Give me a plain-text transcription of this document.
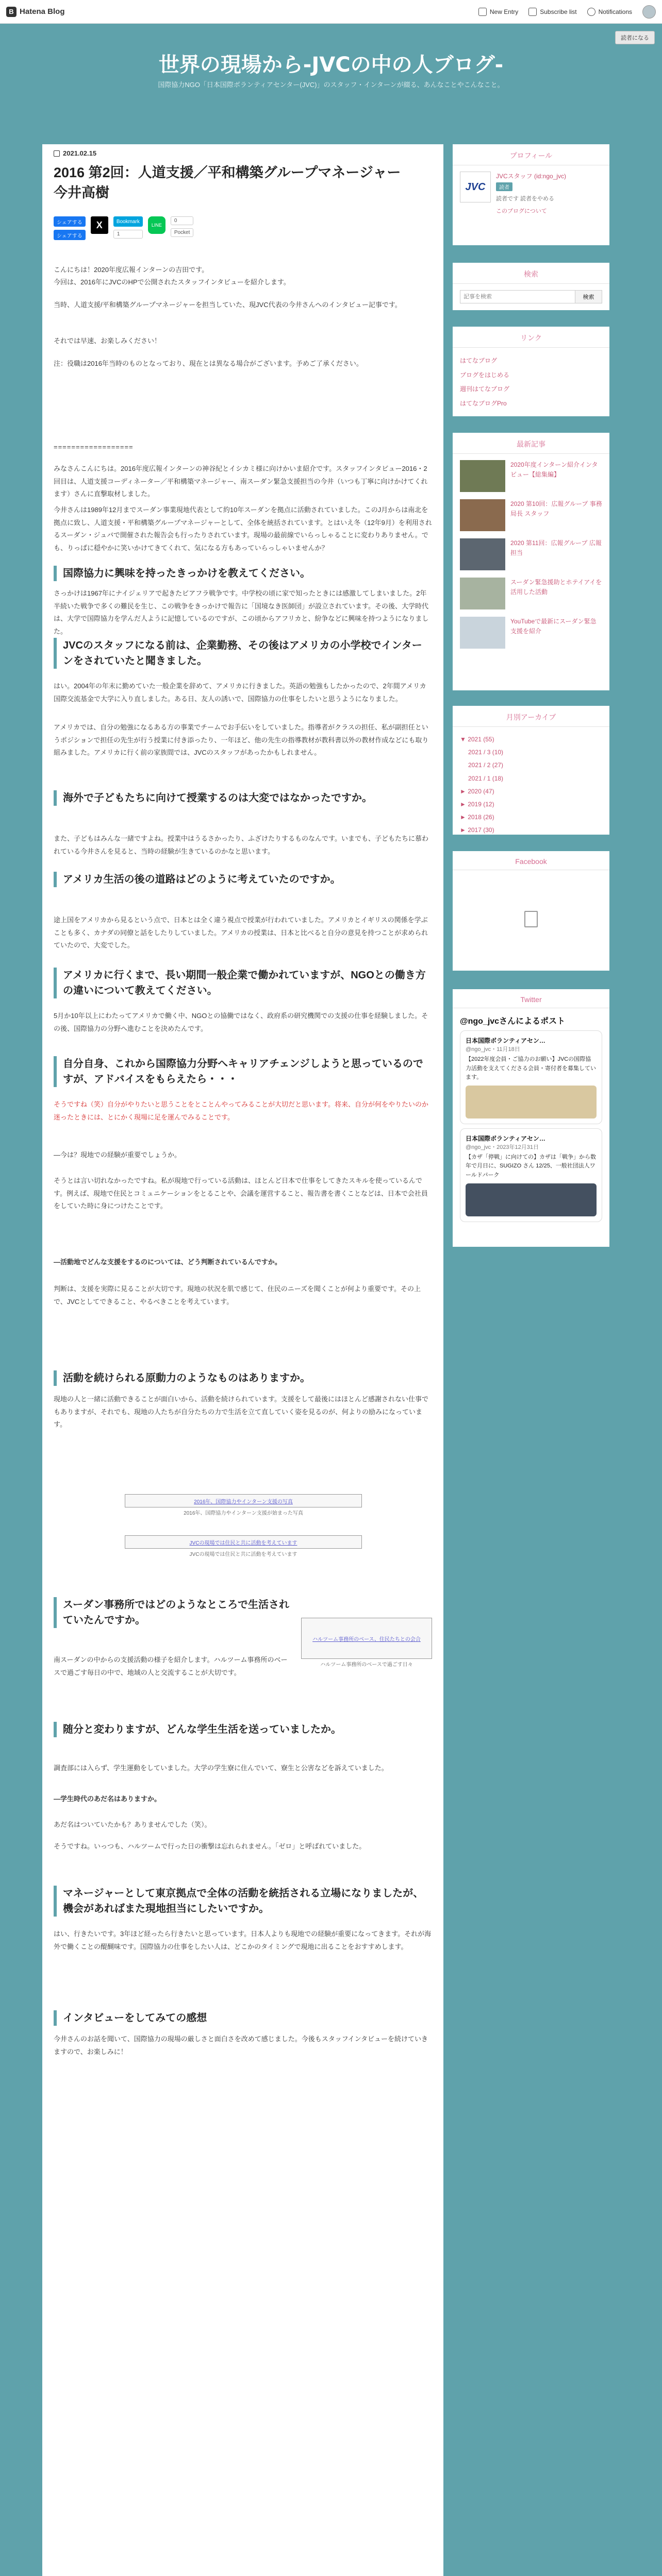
B Hatena Blog	New Entry	Subscribe list	Notifications
読者になる
世界の現場から-JVCの中の人ブログ-
国際協力NGO「日本国際ボランティアセンター(JVC)」のスタッフ・インターンが綴る、あんなことやこんなこと。
2021.02.15
2016 第2回：人道支援／平和構築グループマネージャー　今井高樹
シェアする
シェアする
X	Bookmark
1
LINE
0
Pocket
こんにちは！2020年度広報インターンの吉田です。
今回は、2016年にJVCのHPで公開されたスタッフインタビューを紹介します。
当時、人道支援/平和構築グループマネージャーを担当していた、現JVC代表の今井さんへのインタビュー記事です。
それでは早速、お楽しみください！
注：役職は2016年当時のものとなっており、現在とは異なる場合がございます。予めご了承ください。
==================
みなさんこんにちは。2016年度広報インターンの神谷紀とイシカミ様に向けかいま紹介です。スタッフインタビュー2016・2回目は、人道支援コーディネーター／平和構築マネージャー、南スーダン緊急支援担当の今井（いつも丁寧に向けかけてくれます）さんに直撃取材しました。
今井さんは1989年12月までスーダン事業現地代表として約10年スーダンを拠点に活動されていました。このJ月からは南北を拠点に致し、人道支援・平和構築グループマネージャーとして、全体を統括されています。とはいえ冬（12年9月）を利用されるスーダン・ジュバで開催された報告会も行ったりされています。現場の最前線でいらっしゃることに変わりありません。でも、りっぱに穏やかに笑いかけてきてくれて、気になる方もあっていらっしゃいませんか？
国際協力に興味を持ったきっかけを教えてください。
さっかけは1967年にナイジェリアで起きたビアフラ戦争です。中学校の頃に家で知ったときには感激してしまいました。2年半続いた戦争で多くの難民を生じ、この戦争をきっかけで報告に「国境なき医師団」が設立されています。その後、大学時代は、大学で国際協力を学んだ人ように記憶しているのですが、この頃からアフリカと、紛争などに興味を持つようになりました。
JVCのスタッフになる前は、企業勤務、その後はアメリカの小学校でインターンをされていたと聞きました。
はい。2004年の年末に勤めていた一般企業を辞めて、アメリカに行きました。英語の勉強もしたかったので、2年間アメリカ国際交流基金で大学に入り直しました。ある日、友人の誘いで、国際協力の仕事をしたいと思うようになりました。
アメリカでは、自分の勉強になるある方の事業でチームでお手伝いをしていました。指導者がクラスの担任、私が副担任というポジションで担任の先生が行う授業に付き添ったり、一年ほど、他の先生の指導教材が教科書以外の教材作成などにも取り組みました。アメリカに行く前の家族間では、JVCのスタッフがあったかもしれません。
海外で子どもたちに向けて授業するのは大変ではなかったですか。
また、子どもはみんな一緒ですよね。授業中はうるさかったり、ふざけたりするものなんです。いまでも、子どもたちに慕われている今井さんを見ると、当時の経験が生きているのかなと思います。
アメリカ生活の後の道路はどのように考えていたのですか。
途上国をアメリカから見るという点で、日本とは全く違う視点で授業が行われていました。アメリカとイギリスの関係を学ぶことも多く、カナダの同僚と話をしたりしていました。アメリカの授業は、日本と比べると自分の意見を持つことが求められていたので、大変でした。
アメリカに行くまで、長い期間一般企業で働かれていますが、NGOとの働き方の違いについて教えてください。
5月か10年以上にわたってアメリカで働く中、NGOとの協働ではなく、政府系の研究機関での支援の仕事を経験しました。その後、国際協力の分野へ進むことを決めたんです。
自分自身、これから国際協力分野へキャリアチェンジしようと思っているのですが、アドバイスをもらえたら・・・
そうですね（笑）自分がやりたいと思うことをとことんやってみることが大切だと思います。将来、自分が何をやりたいのか迷ったときには、とにかく現場に足を運んでみることです。
―今は？現地での経験が重要でしょうか。
そうとは言い切れなかったですね。私が現地で行っている活動は、ほとんど日本で仕事をしてきたスキルを使っているんです。例えば、現地で住民とコミュニケーションをとることや、会議を運営すること、報告書を書くことなどは、日本で会社員をしていた時に身につけたことです。
―活動地でどんな支援をするのについては、どう判断されているんですか。
判断は、支援を実際に見ることが大切です。現地の状況を肌で感じて、住民のニーズを聞くことが何より重要です。その上で、JVCとしてできること、やるべきことを考えています。
活動を続けられる原動力のようなものはありますか。
現地の人と一緒に活動できることが面白いから、活動を続けられています。支援をして最後にはほとんど感謝されない仕事でもありますが、それでも、現地の人たちが自分たちの力で生活を立て直していく姿を見るのが、何よりの励みになっています。
2016年、国際協力やインターン支援の写真
2016年、国際協力やインターン支援が始まった写真
JVCの現場では住民と共に活動を考えています
JVCの現場では住民と共に活動を考えています
スーダン事務所ではどのようなところで生活されていたんですか。
南スーダンの中からの支援活動の様子を紹介します。ハルツーム事務所のベースで過ごす毎日の中で、地域の人と交流することが大切です。
ハルツーム事務所のベース、住民たちとの会合
ハルツーム事務所のベースで過ごす日々
随分と変わりますが、どんな学生生活を送っていましたか。
調査部には入らず、学生運動をしていました。大学の学生寮に住んでいて、寮生と公害などを訴えていました。
―学生時代のあだ名はありますか。
あだ名はついていたかも？ありませんでした（笑）。
そうですね。いっつも、ハルツームで行った日の衝撃は忘れられません。「ゼロ」と呼ばれていました。
マネージャーとして東京拠点で全体の活動を統括される立場になりましたが、機会があればまた現地担当にしたいですか。
はい、行きたいです。3年ほど経ったら行きたいと思っています。日本人よりも現地での経験が重要になってきます。それが海外で働くことの醍醐味です。国際協力の仕事をしたい人は、どこかのタイミングで現地に出ることをおすすめします。
インタビューをしてみての感想
今井さんのお話を聞いて、国際協力の現場の厳しさと面白さを改めて感じました。今後もスタッフインタビューを続けていきますので、お楽しみに！
プロフィール
JVC
JVCスタッフ (id:ngo_jvc)
読者
読者です 読者をやめる
このブログについて
検索
記事を検索
検索
リンク
はてなブログ
ブログをはじめる
週刊はてなブログ
はてなブログPro
最新記事
2020年度インターン紹介インタビュー【総集編】
2020 第10回：広報グループ 事務局長 スタッフ
2020 第11回：広報グループ 広報担当
スーダン緊急援助とホテイアイを活用した活動
YouTubeで最新にスーダン緊急支援を紹介
月別アーカイブ
▼ 2021 (55)
2021 / 3 (10)
2021 / 2 (27)
2021 / 1 (18)
► 2020 (47)
► 2019 (12)
► 2018 (26)
► 2017 (30)
Facebook
Twitter
@ngo_jvcさんによるポスト
日本国際ボランティアセン…
@ngo_jvc・11月18日
【2022年度会員・ご協力のお願い】JVCの国際協力活動を支えてくださる会員・寄付者を募集しています。
日本国際ボランティアセン…
@ngo_jvc・2023年12月31日
【カザ「停戦」に向けての】カザは「戦争」から数年で月日に、SUGIZO さん 12/25、一般社団法人ワールドパーク
